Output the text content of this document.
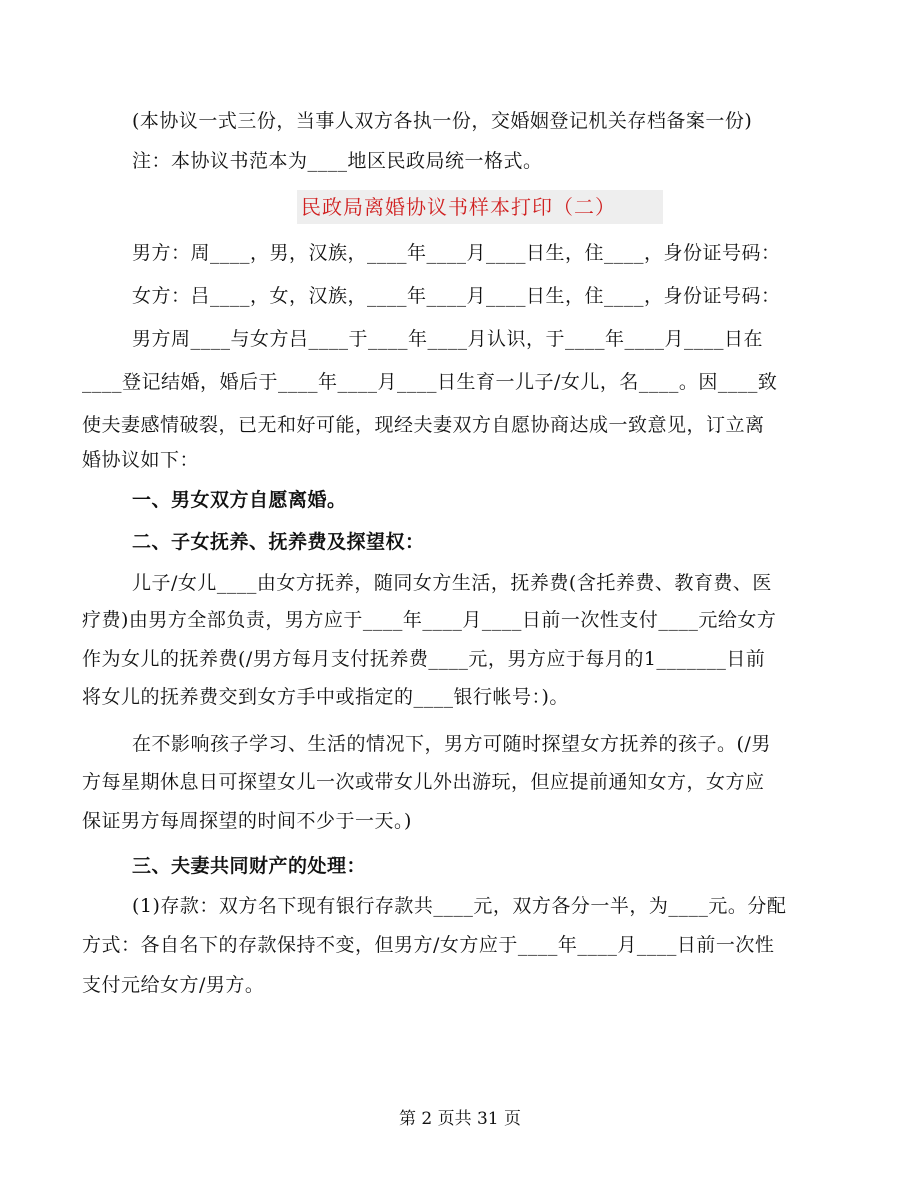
(本协议一式三份，当事人双方各执一份，交婚姻登记机关存档备案一份)
注：本协议书范本为____地区民政局统一格式。
民政局离婚协议书样本打印（二）
男方：周____，男，汉族，____年____月____日生，住____，身份证号码：
女方：吕____，女，汉族，____年____月____日生，住____，身份证号码：
男方周____与女方吕____于____年____月认识，于____年____月____日在
____登记结婚，婚后于____年____月____日生育一儿子/女儿，名____。因____致
使夫妻感情破裂，已无和好可能，现经夫妻双方自愿协商达成一致意见，订立离
婚协议如下：
一、男女双方自愿离婚。
二、子女抚养、抚养费及探望权：
儿子/女儿____由女方抚养，随同女方生活，抚养费(含托养费、教育费、医
疗费)由男方全部负责，男方应于____年____月____日前一次性支付____元给女方
作为女儿的抚养费(/男方每月支付抚养费____元，男方应于每月的1_______日前
将女儿的抚养费交到女方手中或指定的____银行帐号：)。
在不影响孩子学习、生活的情况下，男方可随时探望女方抚养的孩子。(/男
方每星期休息日可探望女儿一次或带女儿外出游玩，但应提前通知女方，女方应
保证男方每周探望的时间不少于一天。)
三、夫妻共同财产的处理：
(1)存款：双方名下现有银行存款共____元，双方各分一半，为____元。分配
方式：各自名下的存款保持不变，但男方/女方应于____年____月____日前一次性
支付元给女方/男方。
第 2 页共 31 页
